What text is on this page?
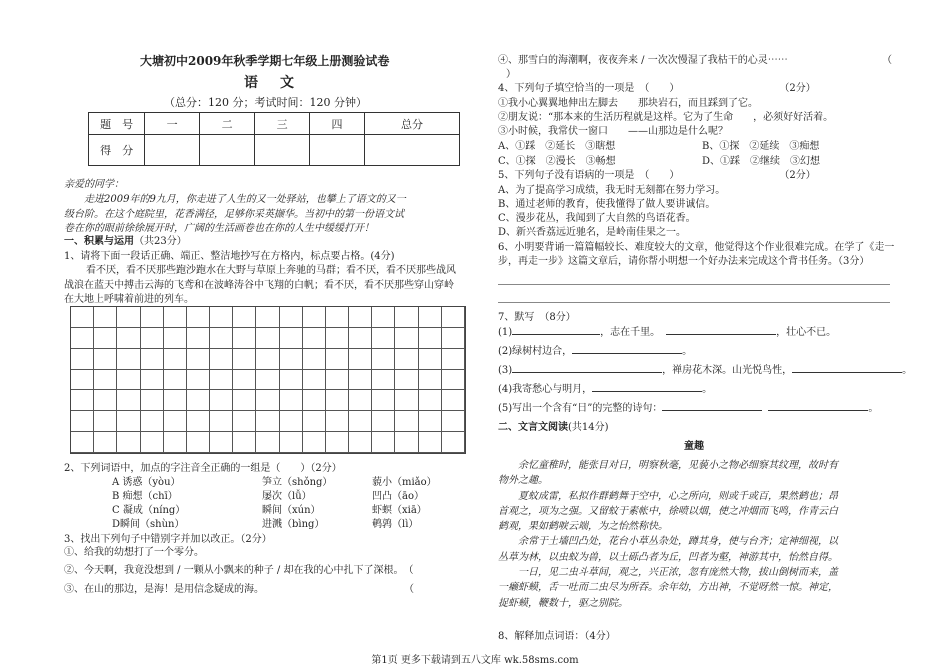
大塘初中2009年秋季学期七年级上册测验试卷
语　文
（总分：120 分；考试时间：120 分钟）
题　号	一	二	三	四	总分
得　分					
亲爱的同学：
走进2009年的9九月，你走进了人生的又一处驿站，也攀上了语文的又一
级台阶。在这个庭院里，花香满径，足够你采英撷华。当初中的第一份语文试
卷在你的眼前徐徐展开时，广阔的生活画卷也在你的人生中缓缓打开！
一、积累与运用（共23分）
1、请将下面一段话正确、端正、整洁地抄写在方格内，标点要占格。(4分)
看不厌，看不厌那些跑沙跑水在大野与草原上奔驰的马群；看不厌，看不厌那些战风
战浪在蓝天中搏击云海的飞鸢和在波峰涛谷中飞翔的白帆；看不厌，看不厌那些穿山穿岭
在大地上呼啸着前进的列车。
2、下列词语中，加点的字注音全正确的一组是（　　）（2分）
A 诱惑（yòu）	笋立（shǒng）	藐小（miǎo）
B 痴想（chī）	屡次（lǚ）	凹凸（āo）
C 凝成（níng）	瞬间（xún）	虾螟（xiā）
D瞬间（shùn）	进溅（bìng）	鹌鹑（lì）
3、找出下列句子中错别字并加以改正。（2分）
①、给我的幼想打了一个零分。
②、今天啊，我竟没想到 / 一颗从小飘来的种子 / 却在我的心中扎下了深根。　（
③、在山的那边，是海！是用信念疑成的海。　　　　　　　　　　　　　　　（
④、那雪白的海潮啊，夜夜奔来 / 一次次慢湿了我枯干的心灵⋯⋯	（
）
4、下列句子填空恰当的一项是　（　　）　　　　　　　　　　　（2分）
①我小心翼翼地伸出左脚去　　那块岩石，而且踩到了它。
②朋友说：“那本来的生活历程就是这样。它为了生命　　，必须好好活着。
③小时候，我常伏一窗口　　——山那边是什么呢？
A、①踩　②延长　③瞎想	B、①探　②延续　③痴想
C、①探　②漫长　③畅想	D、①踩　②继续　③幻想
5、下列句子没有语病的一项是　（　　）　　　　　　　　　　　（2分）
A、为了提高学习成绩，我无时无刻都在努力学习。
B、通过老师的教育，使我懂得了做人要讲诚信。
C、漫步花丛，我闻到了大自然的鸟语花香。
D、新兴香荔远近驰名，是岭南佳果之一。
6、小明要背诵一篇篇幅较长、难度较大的文章，他觉得这个作业很难完成。在学了《走一
步，再走一步》这篇文章后，请你帮小明想一个好办法来完成这个背书任务。（3分）
7、默写　（8分）
(1)	，志在千里。	，壮心不已。
(2)绿树村边合，	。
(3)	，禅房花木深。山光悦鸟性，	。
(4)我寄愁心与明月，	。
(5)写出一个含有“日”的完整的诗句：	。
二、文言文阅读(共14分)
童趣
余忆童稚时，能张目对日，明察秋毫，见藐小之物必细察其纹理，故时有
物外之趣。
夏蚊成雷，私拟作群鹤舞于空中，心之所向，则或千或百，果然鹤也；昂
首观之，项为之强。又留蚊于素帐中，徐喷以烟，使之冲烟而飞鸣，作青云白
鹤观，果如鹤唳云端，为之怡然称快。
余常于土墙凹凸处，花台小草丛杂处，蹲其身，使与台齐；定神细视，以
丛草为林，以虫蚁为兽，以土砾凸者为丘，凹者为壑，神游其中，怡然自得。
一日，见二虫斗草间，观之，兴正浓，忽有庞然大物，拔山倒树而来，盖
一癞虾蟆，舌一吐而二虫尽为所吞。余年幼，方出神，不觉呀然一惊。神定，
捉虾蟆，鞭数十，驱之别院。
8、解释加点词语：（4分）
第1页 更多下载请到五八文库 wk.58sms.com
